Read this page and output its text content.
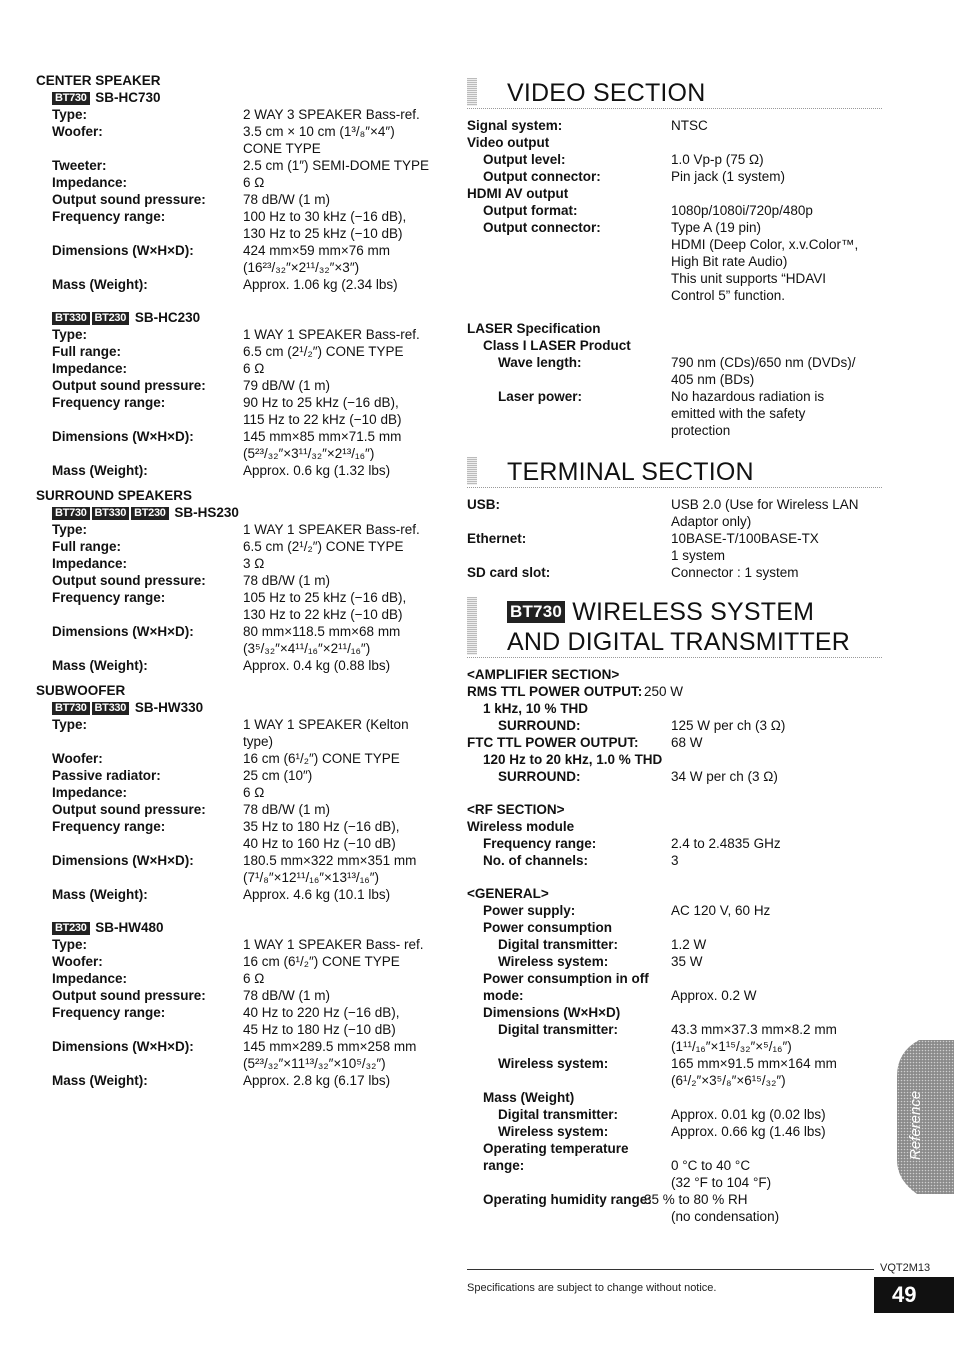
CENTER SPEAKER
BT730 SB-HC730
Type:	2 WAY 3 SPEAKER Bass-ref.
Woofer:	3.5 cm × 10 cm (1³/₈″×4″)
CONE TYPE
Tweeter:	2.5 cm (1″) SEMI-DOME TYPE
Impedance:	6 Ω
Output sound pressure:	78 dB/W (1 m)
Frequency range:	100 Hz to 30 kHz (−16 dB),
130 Hz to 25 kHz (−10 dB)
Dimensions (W×H×D):	424 mm×59 mm×76 mm
(16²³/₃₂″×2¹¹/₃₂″×3″)
Mass (Weight):	Approx. 1.06 kg (2.34 lbs)
BT330 BT230 SB-HC230
Type:	1 WAY 1 SPEAKER Bass-ref.
Full range:	6.5 cm (2¹/₂″) CONE TYPE
Impedance:	6 Ω
Output sound pressure:	79 dB/W (1 m)
Frequency range:	90 Hz to 25 kHz (−16 dB),
115 Hz to 22 kHz (−10 dB)
Dimensions (W×H×D):	145 mm×85 mm×71.5 mm
(5²³/₃₂″×3¹¹/₃₂″×2¹³/₁₆″)
Mass (Weight):	Approx. 0.6 kg (1.32 lbs)
SURROUND SPEAKERS
BT730 BT330 BT230 SB-HS230
Type:	1 WAY 1 SPEAKER Bass-ref.
Full range:	6.5 cm (2¹/₂″) CONE TYPE
Impedance:	3 Ω
Output sound pressure:	78 dB/W (1 m)
Frequency range:	105 Hz to 25 kHz (−16 dB),
130 Hz to 22 kHz (−10 dB)
Dimensions (W×H×D):	80 mm×118.5 mm×68 mm
(3⁵/₃₂″×4¹¹/₁₆″×2¹¹/₁₆″)
Mass (Weight):	Approx. 0.4 kg (0.88 lbs)
SUBWOOFER
BT730 BT330 SB-HW330
Type:	1 WAY 1 SPEAKER (Kelton
type)
Woofer:	16 cm (6¹/₂″) CONE TYPE
Passive radiator:	25 cm (10″)
Impedance:	6 Ω
Output sound pressure:	78 dB/W (1 m)
Frequency range:	35 Hz to 180 Hz (−16 dB),
40 Hz to 160 Hz (−10 dB)
Dimensions (W×H×D):	180.5 mm×322 mm×351 mm
(7¹/₈″×12¹¹/₁₆″×13¹³/₁₆″)
Mass (Weight):	Approx. 4.6 kg (10.1 lbs)
BT230 SB-HW480
Type:	1 WAY 1 SPEAKER Bass- ref.
Woofer:	16 cm (6¹/₂″) CONE TYPE
Impedance:	6 Ω
Output sound pressure:	78 dB/W (1 m)
Frequency range:	40 Hz to 220 Hz (−16 dB),
45 Hz to 180 Hz (−10 dB)
Dimensions (W×H×D):	145 mm×289.5 mm×258 mm
(5²³/₃₂″×11¹³/₃₂″×10⁵/₃₂″)
Mass (Weight):	Approx. 2.8 kg (6.17 lbs)
VIDEO SECTION
Signal system:	NTSC
Video output
Output level:	1.0 Vp-p (75 Ω)
Output connector:	Pin jack (1 system)
HDMI AV output
Output format:	1080p/1080i/720p/480p
Output connector:	Type A (19 pin)
HDMI (Deep Color, x.v.Color™,
High Bit rate Audio)
This unit supports “HDAVI
Control 5” function.
LASER Specification
Class I LASER Product
Wave length:	790 nm (CDs)/650 nm (DVDs)/
405 nm (BDs)
Laser power:	No hazardous radiation is
emitted with the safety
protection
TERMINAL SECTION
USB:	USB 2.0 (Use for Wireless LAN
Adaptor only)
Ethernet:	10BASE-T/100BASE-TX
1 system
SD card slot:	Connector : 1 system
BT730 WIRELESS SYSTEM
AND DIGITAL TRANSMITTER
<AMPLIFIER SECTION>
RMS TTL POWER OUTPUT: 250 W
1 kHz, 10 % THD
SURROUND:	125 W per ch (3 Ω)
FTC TTL POWER OUTPUT: 68 W
120 Hz to 20 kHz, 1.0 % THD
SURROUND:	34 W per ch (3 Ω)
<RF SECTION>
Wireless module
Frequency range:	2.4 to 2.4835 GHz
No. of channels:	3
<GENERAL>
Power supply:	AC 120 V, 60 Hz
Power consumption
Digital transmitter:	1.2 W
Wireless system:	35 W
Power consumption in off
mode:	Approx. 0.2 W
Dimensions (W×H×D)
Digital transmitter:	43.3 mm×37.3 mm×8.2 mm
(1¹¹/₁₆″×1¹⁵/₃₂″×⁵/₁₆″)
Wireless system:	165 mm×91.5 mm×164 mm
(6¹/₂″×3⁵/₈″×6¹⁵/₃₂″)
Mass (Weight)
Digital transmitter:	Approx. 0.01 kg (0.02 lbs)
Wireless system:	Approx. 0.66 kg (1.46 lbs)
Operating temperature
range:	0 °C to 40 °C
(32 °F to 104 °F)
Operating humidity range:
35 % to 80 % RH
(no condensation)
VQT2M13
Specifications are subject to change without notice.	49
Reference
